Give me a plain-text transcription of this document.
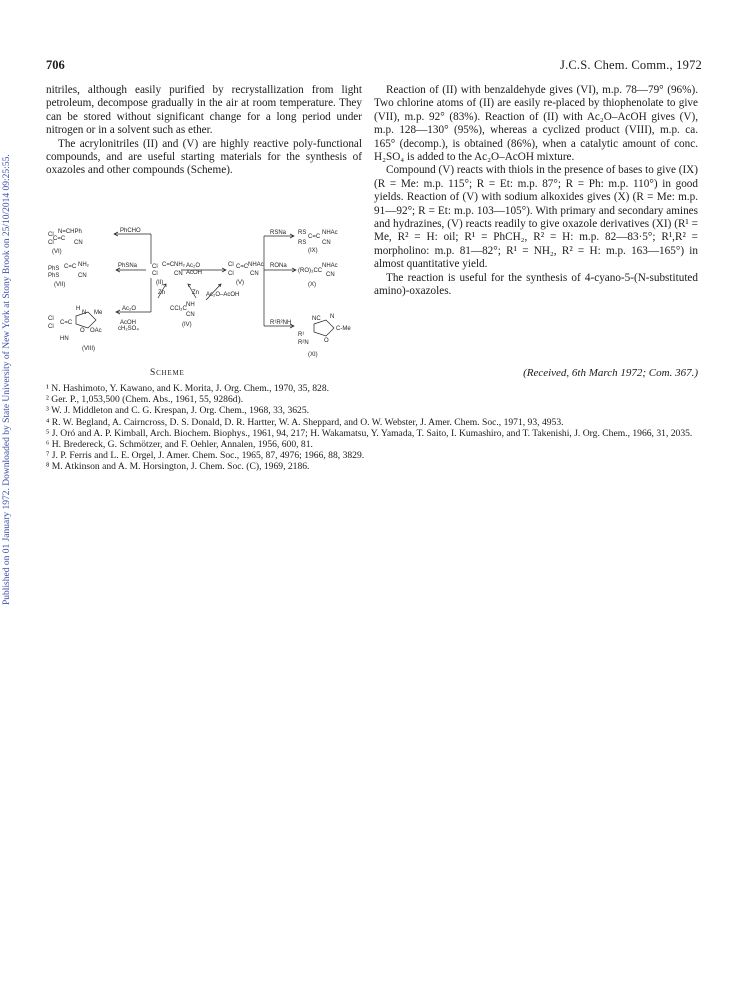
Published on 01 January 1972. Downloaded by State University of New York at Stony Brook on 25/10/2014 09:25:55.
706	J.C.S. Chem. Comm., 1972

nitriles, although easily purified by recrystallization from light petroleum, decompose gradually in the air at room temperature. They can be stored without significant change for a long period under nitrogen or in a solvent such as ether.

The acrylonitriles (II) and (V) are highly reactive poly-functional compounds, and are useful starting materials for the synthesis of oxazoles and other compounds (Scheme).

Cl N=CHPh
C=C
Cl	CN
(VI)
PhCHO
PhS C=C NH₂
PhS	CN
(VII)
PhSNa Cl C=C NH₂
Cl	CN
(II)
Ac₂O
AcOH
Cl C=C NHAc
Cl	CN
(V)
RONa
(RO)₃CC
NHAc
CN
(X)
RSNa RS
C=C
NHAc
RS	CN
(IX)
Zn	Zn
CCl₃C
NH
CN
(IV)
Ac₂O–AcOH
R¹R²NH
NC N
C-Me
R¹
R²N	O
(XI)
H
N Me
Cl
Cl
C=C
O OAc
HN
(VIII)
Ac₂O
AcOH
cH₂SO₄
Scheme

Reaction of (II) with benzaldehyde gives (VI), m.p. 78—79° (96%). Two chlorine atoms of (II) are easily re-placed by thiophenolate to give (VII), m.p. 92° (83%). Reaction of (II) with Ac₂O–AcOH gives (V), m.p. 128—130° (95%), whereas a cyclized product (VIII), m.p. ca. 165° (decomp.), is obtained (86%), when a catalytic amount of conc. H₂SO₄ is added to the Ac₂O–AcOH mixture.

Compound (V) reacts with thiols in the presence of bases to give (IX) (R = Me: m.p. 115°; R = Et: m.p. 87°; R = Ph: m.p. 110°) in good yields. Reaction of (V) with sodium alkoxides gives (X) (R = Me: m.p. 91—92°; R = Et: m.p. 103—105°). With primary and secondary amines and hydrazines, (V) reacts readily to give oxazole derivatives (XI) (R¹ = Me, R² = H: oil; R¹ = PhCH₂, R² = H: m.p. 82—83·5°; R¹,R² = morpholino: m.p. 81—82°; R¹ = NH₂, R² = H: m.p. 163—165°) in almost quantitative yield.

The reaction is useful for the synthesis of 4-cyano-5-(N-substituted amino)-oxazoles.

(Received, 6th March 1972; Com. 367.)
¹ N. Hashimoto, Y. Kawano, and K. Morita, J. Org. Chem., 1970, 35, 828.
² Ger. P., 1,053,500 (Chem. Abs., 1961, 55, 9286d).
³ W. J. Middleton and C. G. Krespan, J. Org. Chem., 1968, 33, 3625.
⁴ R. W. Begland, A. Cairncross, D. S. Donald, D. R. Hartter, W. A. Sheppard, and O. W. Webster, J. Amer. Chem. Soc., 1971, 93, 4953.
⁵ J. Oró and A. P. Kimball, Arch. Biochem. Biophys., 1961, 94, 217; H. Wakamatsu, Y. Yamada, T. Saito, I. Kumashiro, and T. Takenishi, J. Org. Chem., 1966, 31, 2035.
⁶ H. Bredereck, G. Schmötzer, and F. Oehler, Annalen, 1956, 600, 81.
⁷ J. P. Ferris and L. E. Orgel, J. Amer. Chem. Soc., 1965, 87, 4976; 1966, 88, 3829.
⁸ M. Atkinson and A. M. Horsington, J. Chem. Soc. (C), 1969, 2186.
